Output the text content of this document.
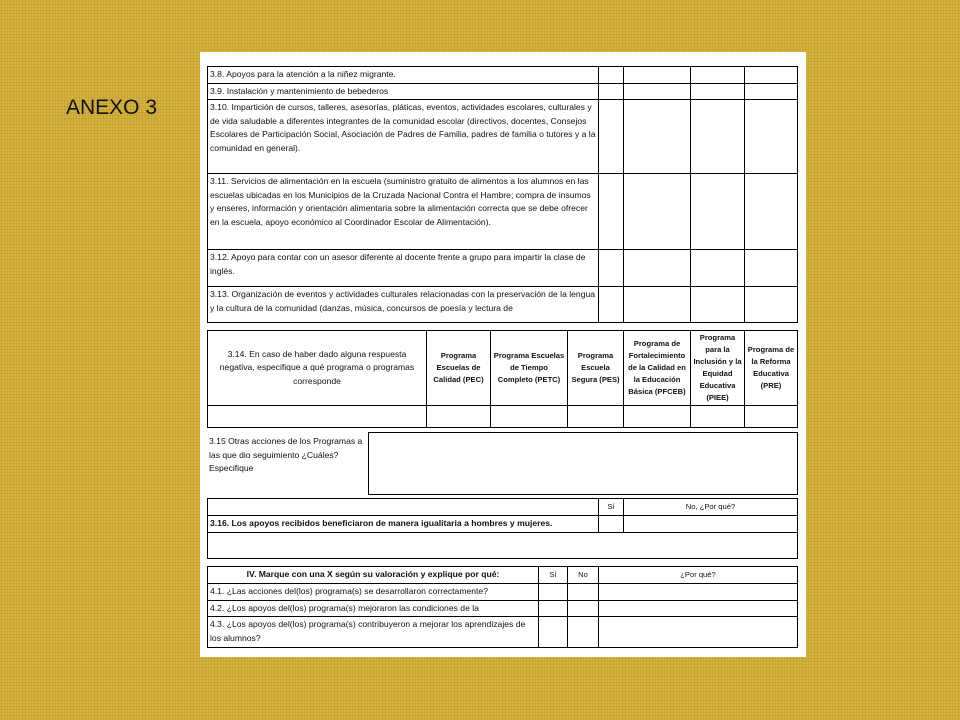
ANEXO 3
3.8. Apoyos para la atención a la niñez migrante.				
3.9. Instalación y mantenimiento de bebederos				
3.10. Impartición de cursos, talleres, asesorías, pláticas, eventos, actividades escolares, culturales y de vida saludable a diferentes integrantes de la comunidad escolar (directivos, docentes, Consejos Escolares de Participación Social, Asociación de Padres de Familia, padres de familia o tutores y a la comunidad en general).				

3.11. Servicios de alimentación en la escuela (suministro gratuito de alimentos a los alumnos en las escuelas ubicadas en los Municipios de la Cruzada Nacional Contra el Hambre; compra de insumos y enseres, información y orientación alimentaria sobre la alimentación correcta que se debe ofrecer en la escuela, apoyo económico al Coordinador Escolar de Alimentación).				

3.12. Apoyo para contar con un asesor diferente al docente frente a grupo para impartir la clase de inglés.				

3.13. Organización de eventos y actividades culturales relacionadas con la preservación de la lengua y la cultura de la comunidad (danzas, música, concursos de poesía y lectura de				

3.14. En caso de haber dado alguna respuesta negativa, especifique a qué programa o programas corresponde	Programa Escuelas de Calidad (PEC)	Programa Escuelas de Tiempo Completo (PETC)	Programa Escuela Segura (PES)	Programa de Fortalecimiento de la Calidad en la Educación Básica (PFCEB)	Programa para la Inclusión y la Equidad Educativa (PIEE)	Programa de la Reforma Educativa (PRE)

3.15 Otras acciones de los Programas a las que dio seguimiento ¿Cuáles? Especifique
	Sí	No, ¿Por qué?
3.16. Los apoyos recibidos beneficiaron de manera igualitaria a hombres y mujeres.		

IV. Marque con una X según su valoración y explique por qué:	Sí	No	¿Por qué?
4.1. ¿Las acciones del(los) programa(s) se desarrollaron correctamente?			
4.2. ¿Los apoyos del(los) programa(s) mejoraron las condiciones de la			
4.3. ¿Los apoyos del(los) programa(s) contribuyeron a mejorar los aprendizajes de los alumnos?			
